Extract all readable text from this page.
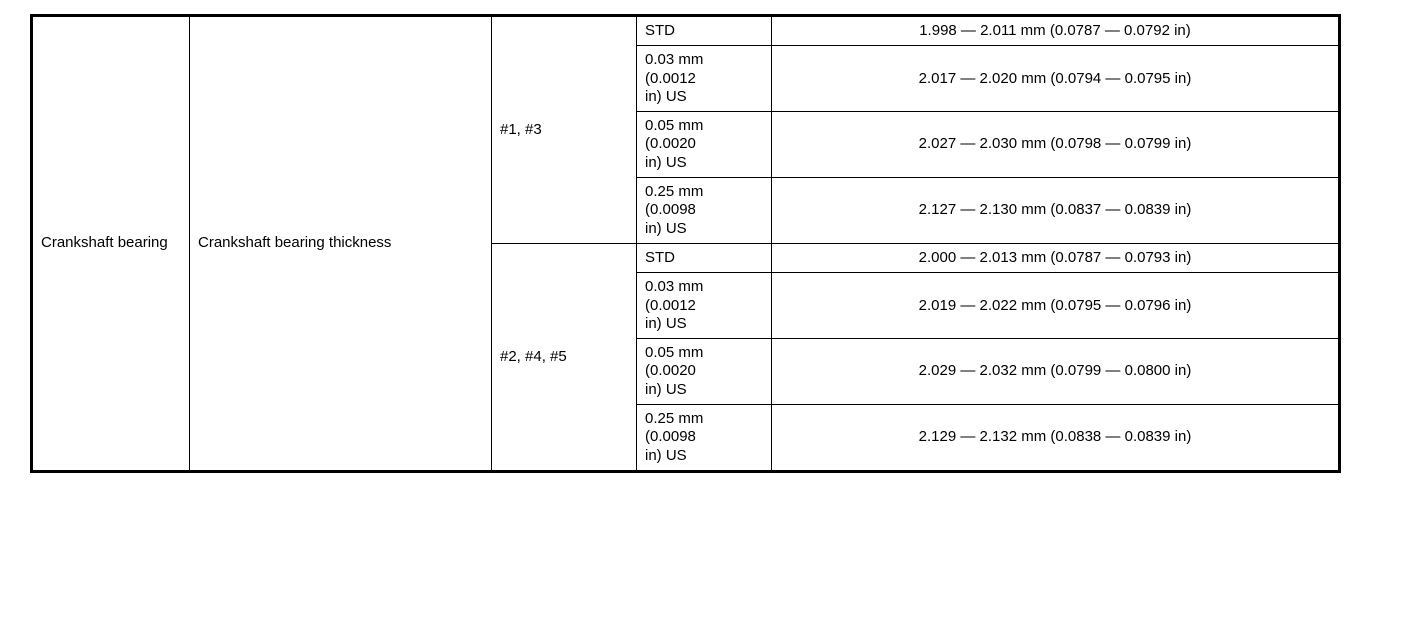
Crankshaft bearing	Crankshaft bearing thickness	#1, #3	STD	1.998 — 2.011 mm (0.0787 — 0.0792 in)

			0.03 mm
(0.0012
in) US	2.017 — 2.020 mm (0.0794 — 0.0795 in)

			0.05 mm
(0.0020
in) US	2.027 — 2.030 mm (0.0798 — 0.0799 in)

			0.25 mm
(0.0098
in) US	2.127 — 2.130 mm (0.0837 — 0.0839 in)
		#2, #4, #5	STD	2.000 — 2.013 mm (0.0787 — 0.0793 in)

			0.03 mm
(0.0012
in) US	2.019 — 2.022 mm (0.0795 — 0.0796 in)

			0.05 mm
(0.0020
in) US	2.029 — 2.032 mm (0.0799 — 0.0800 in)

			0.25 mm
(0.0098
in) US	2.129 — 2.132 mm (0.0838 — 0.0839 in)
